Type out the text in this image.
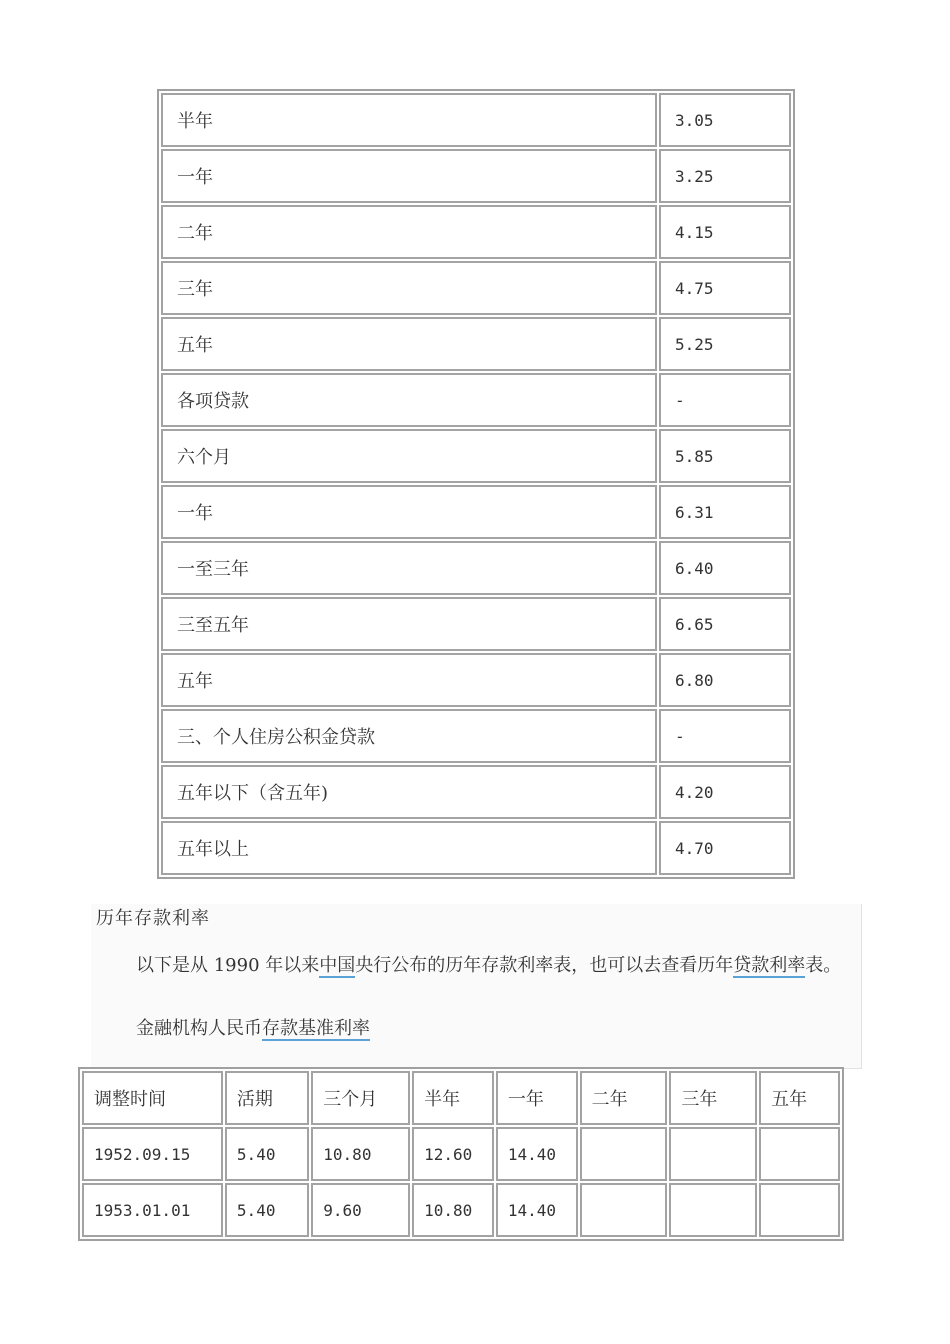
半年	3.05
一年	3.25
二年	4.15
三年	4.75
五年	5.25
各项贷款	-
六个月	5.85
一年	6.31
一至三年	6.40
三至五年	6.65
五年	6.80
三、个人住房公积金贷款	-
五年以下（含五年)	4.20
五年以上	4.70
历年存款利率
以下是从 1990 年以来中国央行公布的历年存款利率表，也可以去查看历年贷款利率表。
金融机构人民币存款基准利率
调整时间	活期	三个月	半年	一年	二年	三年	五年
1952.09.15	5.40	10.80	12.60	14.40			
1953.01.01	5.40	9.60	10.80	14.40			
